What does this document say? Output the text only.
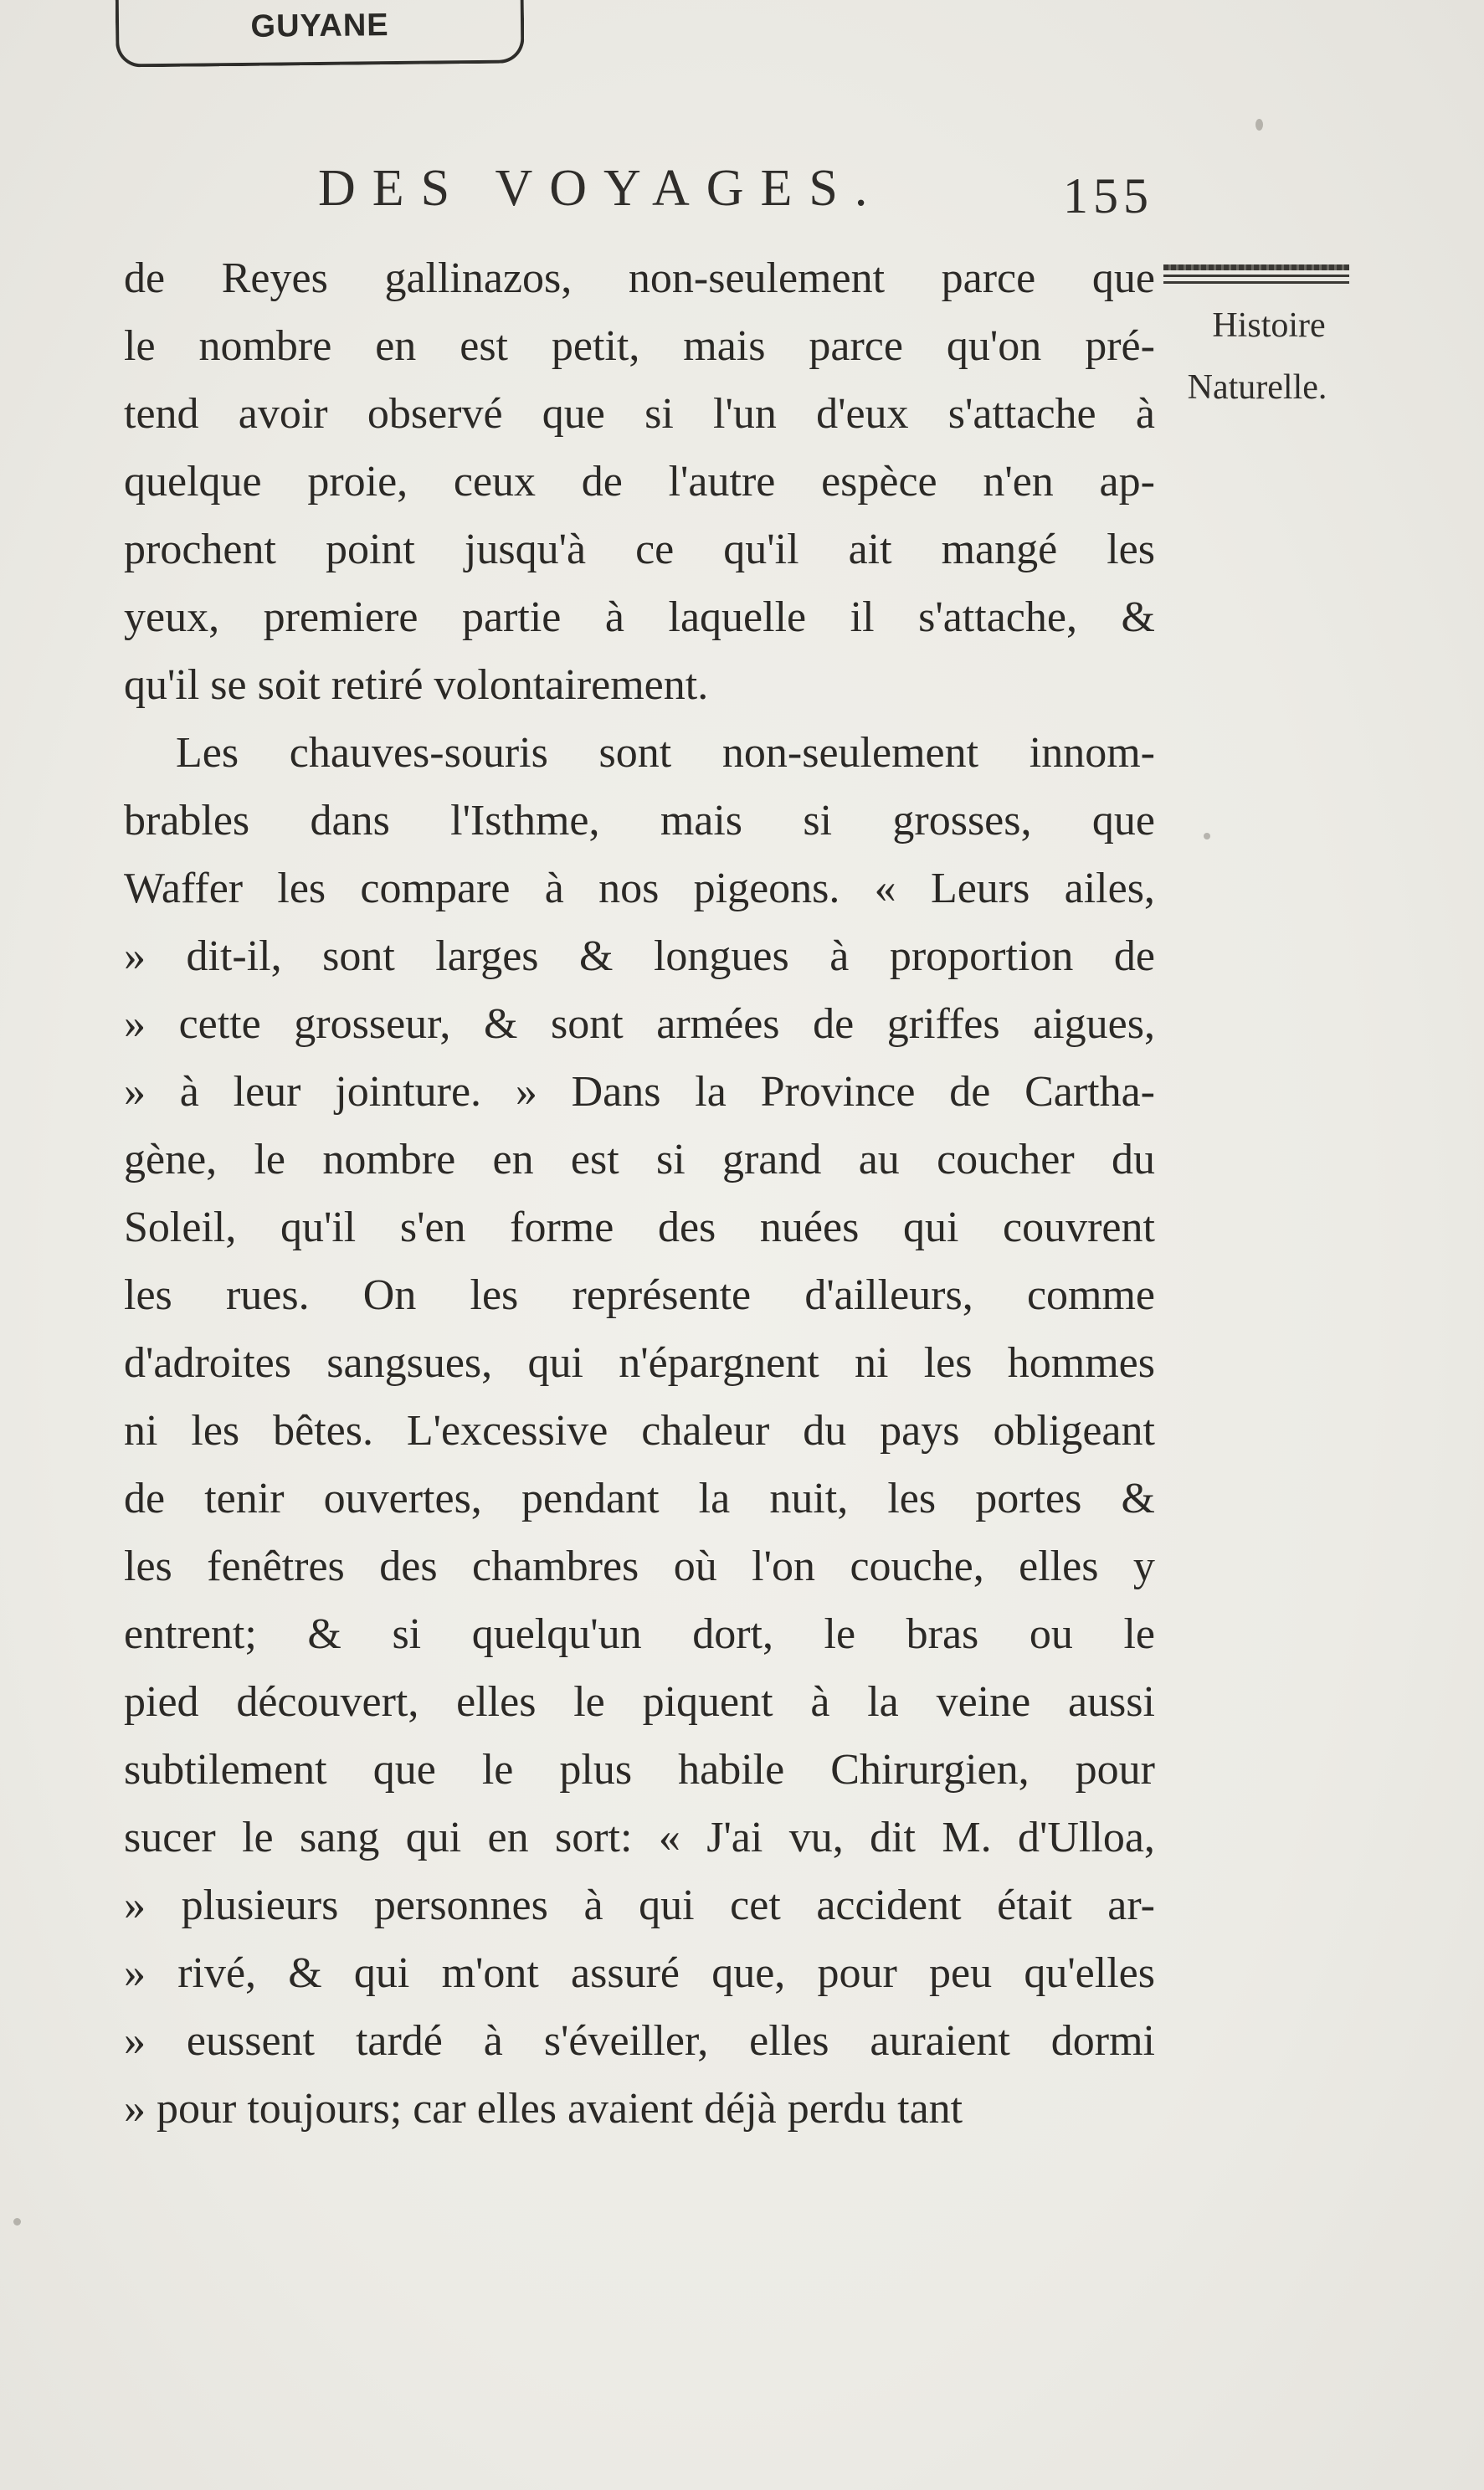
GUYANE
DES VOYAGES.	155
Histoire
Naturelle.
de Reyes gallinazos, non-seulement parce que
le nombre en est petit, mais parce qu'on pré-
tend avoir observé que si l'un d'eux s'attache à
quelque proie, ceux de l'autre espèce n'en ap-
prochent point jusqu'à ce qu'il ait mangé les
yeux, premiere partie à laquelle il s'attache, &
qu'il se soit retiré volontairement.
Les chauves-souris sont non-seulement innom-
brables dans l'Isthme, mais si grosses, que
Waffer les compare à nos pigeons. « Leurs ailes,
» dit-il, sont larges & longues à proportion de
» cette grosseur, & sont armées de griffes aigues,
» à leur jointure. » Dans la Province de Cartha-
gène, le nombre en est si grand au coucher du
Soleil, qu'il s'en forme des nuées qui couvrent
les rues. On les représente d'ailleurs, comme
d'adroites sangsues, qui n'épargnent ni les hommes
ni les bêtes. L'excessive chaleur du pays obligeant
de tenir ouvertes, pendant la nuit, les portes &
les fenêtres des chambres où l'on couche, elles y
entrent; & si quelqu'un dort, le bras ou le
pied découvert, elles le piquent à la veine aussi
subtilement que le plus habile Chirurgien, pour
sucer le sang qui en sort: « J'ai vu, dit M. d'Ulloa,
» plusieurs personnes à qui cet accident était ar-
» rivé, & qui m'ont assuré que, pour peu qu'elles
» eussent tardé à s'éveiller, elles auraient dormi
» pour toujours; car elles avaient déjà perdu tant
